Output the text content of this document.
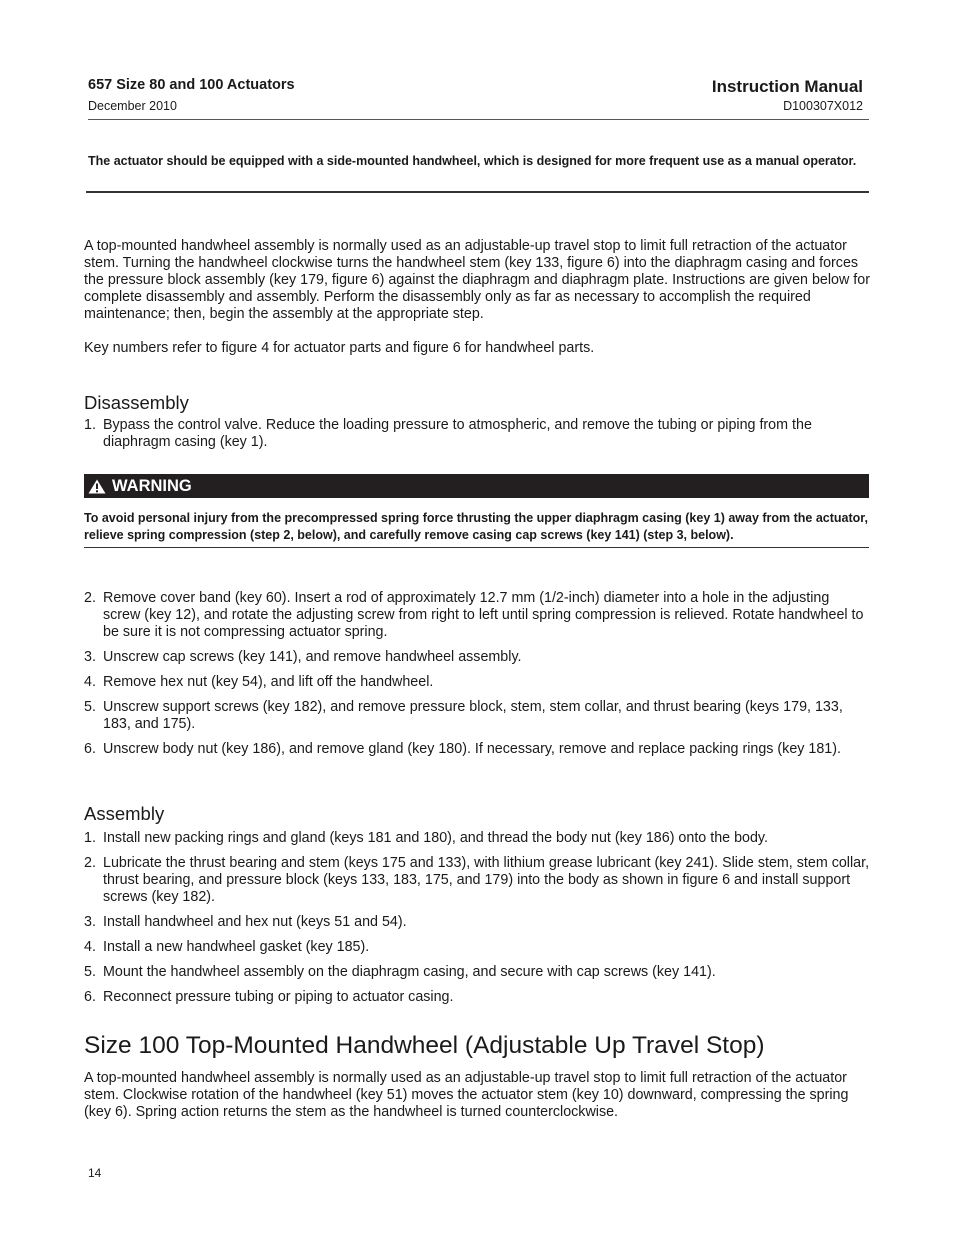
657 Size 80 and 100 Actuators
December 2010
Instruction Manual
D100307X012
The actuator should be equipped with a side-mounted handwheel, which is designed for more frequent use as a manual operator.
A top-mounted handwheel assembly is normally used as an adjustable-up travel stop to limit full retraction of the actuator stem. Turning the handwheel clockwise turns the handwheel stem (key 133, figure 6) into the diaphragm casing and forces the pressure block assembly (key 179, figure 6) against the diaphragm and diaphragm plate. Instructions are given below for complete disassembly and assembly. Perform the disassembly only as far as necessary to accomplish the required maintenance; then, begin the assembly at the appropriate step.
Key numbers refer to figure 4 for actuator parts and figure 6 for handwheel parts.
Disassembly
1. Bypass the control valve. Reduce the loading pressure to atmospheric, and remove the tubing or piping from the diaphragm casing (key 1).
WARNING
To avoid personal injury from the precompressed spring force thrusting the upper diaphragm casing (key 1) away from the actuator, relieve spring compression (step 2, below), and carefully remove casing cap screws (key 141) (step 3, below).
2. Remove cover band (key 60). Insert a rod of approximately 12.7 mm (1/2-inch) diameter into a hole in the adjusting screw (key 12), and rotate the adjusting screw from right to left until spring compression is relieved. Rotate handwheel to be sure it is not compressing actuator spring.
3. Unscrew cap screws (key 141), and remove handwheel assembly.
4. Remove hex nut (key 54), and lift off the handwheel.
5. Unscrew support screws (key 182), and remove pressure block, stem, stem collar, and thrust bearing (keys 179, 133, 183, and 175).
6. Unscrew body nut (key 186), and remove gland (key 180). If necessary, remove and replace packing rings (key 181).
Assembly
1. Install new packing rings and gland (keys 181 and 180), and thread the body nut (key 186) onto the body.
2. Lubricate the thrust bearing and stem (keys 175 and 133), with lithium grease lubricant (key 241). Slide stem, stem collar, thrust bearing, and pressure block (keys 133, 183, 175, and 179) into the body as shown in figure 6 and install support screws (key 182).
3. Install handwheel and hex nut (keys 51 and 54).
4. Install a new handwheel gasket (key 185).
5. Mount the handwheel assembly on the diaphragm casing, and secure with cap screws (key 141).
6. Reconnect pressure tubing or piping to actuator casing.
Size 100 Top-Mounted Handwheel (Adjustable Up Travel Stop)
A top-mounted handwheel assembly is normally used as an adjustable-up travel stop to limit full retraction of the actuator stem. Clockwise rotation of the handwheel (key 51) moves the actuator stem (key 10) downward, compressing the spring (key 6). Spring action returns the stem as the handwheel is turned counterclockwise.
14
